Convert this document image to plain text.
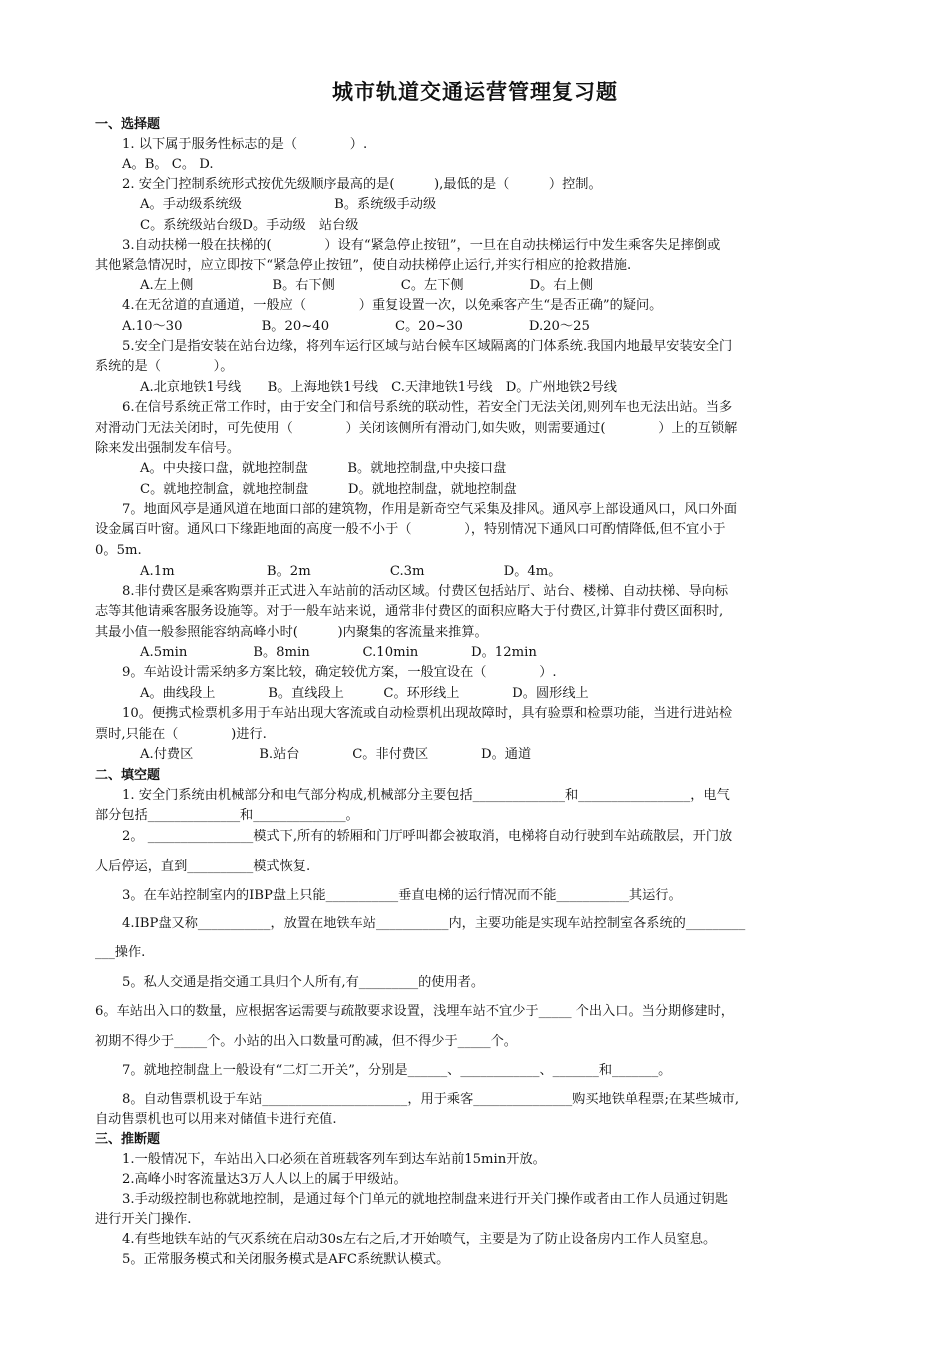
城市轨道交通运营管理复习题
一、选择题
1. 以下属于服务性标志的是（　　　　）.
A。B。 C。 D.
2. 安全门控制系统形式按优先级顺序最高的是(　　　),最低的是（　　　）控制。
A。手动级系统级　　　　　　　B。系统级手动级
C。系统级站台级D。手动级　站台级
3.自动扶梯一般在扶梯的(　　　　）设有“紧急停止按钮”，一旦在自动扶梯运行中发生乘客失足摔倒或
其他紧急情况时，应立即按下“紧急停止按钮”，使自动扶梯停止运行,并实行相应的抢救措施.
A.左上侧　　　　　　B。右下侧　　　　　C。左下侧　　　　　D。右上侧
4.在无岔道的直通道，一般应（　　　　）重复设置一次，以免乘客产生“是否正确”的疑问。
A.10～30　　　　　　B。20~40　　　　　C。20~30　　　　　D.20～25
5.安全门是指安装在站台边缘，将列车运行区域与站台候车区域隔离的门体系统.我国内地最早安装安全门
系统的是（　　　　）。
A.北京地铁1号线　　B。上海地铁1号线　C.天津地铁1号线　D。广州地铁2号线
6.在信号系统正常工作时，由于安全门和信号系统的联动性，若安全门无法关闭,则列车也无法出站。当多
对滑动门无法关闭时，可先使用（　　　　）关闭该侧所有滑动门,如失败，则需要通过(　　　　）上的互锁解
除来发出强制发车信号。
A。中央接口盘，就地控制盘　　　B。就地控制盘,中央接口盘
C。就地控制盒，就地控制盘　　　D。就地控制盘，就地控制盘
7。地面风亭是通风道在地面口部的建筑物，作用是新奇空气采集及排风。通风亭上部设通风口，风口外面
设金属百叶窗。通风口下缘距地面的高度一般不小于（　　　　），特别情况下通风口可酌情降低,但不宜小于
0。5m.
A.1m　　　　　　　B。2m　　　　　　C.3m　　　　　　D。4m。
8.非付费区是乘客购票并正式进入车站前的活动区域。付费区包括站厅、站台、楼梯、自动扶梯、导向标
志等其他请乘客服务设施等。对于一般车站来说，通常非付费区的面积应略大于付费区,计算非付费区面积时,
其最小值一般参照能容纳高峰小时(　　　)内聚集的客流量来推算。
A.5min　　　　　B。8min　　　　C.10min　　　　D。12min
9。车站设计需采纳多方案比较，确定较优方案，一般宜设在（　　　　）.
A。曲线段上　　　　B。直线段上　　　C。环形线上　　　　D。圆形线上
10。便携式检票机多用于车站出现大客流或自动检票机出现故障时，具有验票和检票功能，当进行进站检
票时,只能在（　　　　)进行.
A.付费区　　　　　B.站台　　　　C。非付费区　　　　D。通道
二、填空题
1. 安全门系统由机械部分和电气部分构成,机械部分主要包括______________和_________________，电气
部分包括______________和______________。
2。 ________________模式下,所有的轿厢和门厅呼叫都会被取消，电梯将自动行驶到车站疏散层，开门放
人后停运，直到__________模式恢复.
3。在车站控制室内的IBP盘上只能___________垂直电梯的运行情况而不能___________其运行。
4.IBP盘又称___________，放置在地铁车站___________内，主要功能是实现车站控制室各系统的_________
___操作.
5。私人交通是指交通工具归个人所有,有_________的使用者。
6。车站出入口的数量，应根据客运需要与疏散要求设置，浅埋车站不宜少于_____ 个出入口。当分期修建时，
初期不得少于_____个。小站的出入口数量可酌减，但不得少于_____个。
7。就地控制盘上一般设有“二灯二开关”，分别是______、____________、_______和_______。
8。自动售票机设于车站______________________，用于乘客_______________购买地铁单程票;在某些城市,
自动售票机也可以用来对储值卡进行充值.
三、推断题
1.一般情况下，车站出入口必须在首班载客列车到达车站前15min开放。
2.高峰小时客流量达3万人人以上的属于甲级站。
3.手动级控制也称就地控制，是通过每个门单元的就地控制盘来进行开关门操作或者由工作人员通过钥匙
进行开关门操作.
4.有些地铁车站的气灭系统在启动30s左右之后,才开始喷气，主要是为了防止设备房内工作人员窒息。
5。正常服务模式和关闭服务模式是AFC系统默认模式。
